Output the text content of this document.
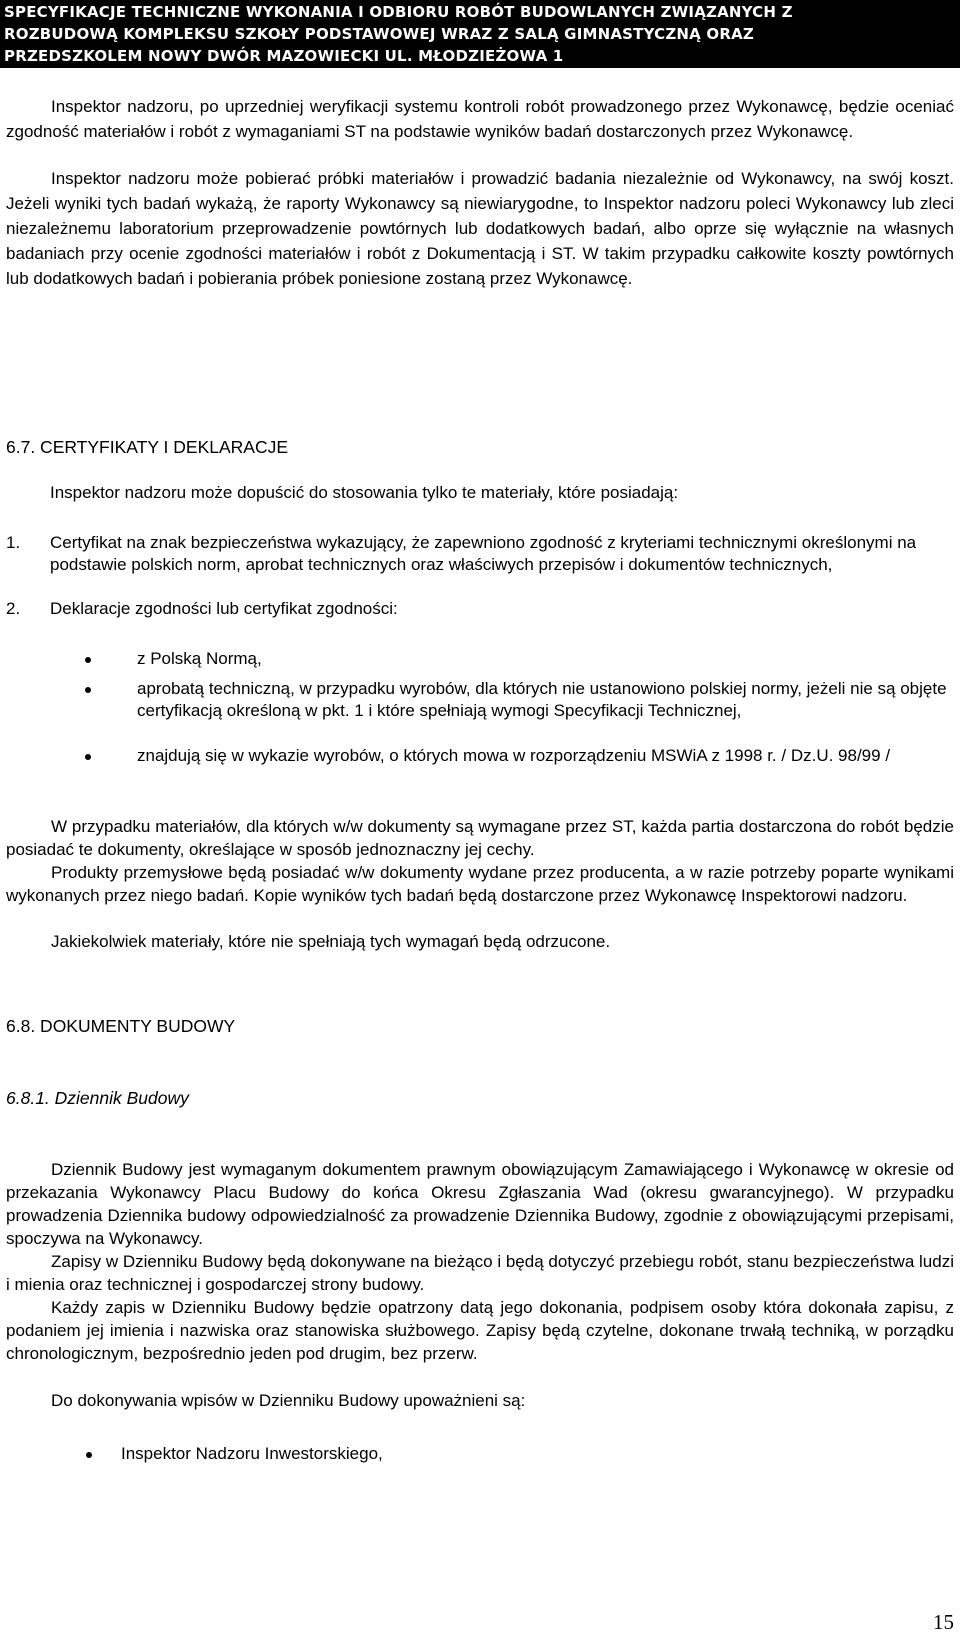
SPECYFIKACJE TECHNICZNE WYKONANIA I ODBIORU ROBÓT BUDOWLANYCH ZWIĄZANYCH Z
ROZBUDOWĄ KOMPLEKSU SZKOŁY PODSTAWOWEJ WRAZ Z SALĄ GIMNASTYCZNĄ ORAZ
PRZEDSZKOLEM NOWY DWÓR MAZOWIECKI UL. MŁODZIEŻOWA 1
Inspektor nadzoru, po uprzedniej weryfikacji systemu kontroli robót prowadzonego przez Wykonawcę, będzie oceniać zgodność materiałów i robót z wymaganiami ST na podstawie wyników badań dostarczonych przez Wykonawcę.
Inspektor nadzoru może pobierać próbki materiałów i prowadzić badania niezależnie od Wykonawcy, na swój koszt. Jeżeli wyniki tych badań wykażą, że raporty Wykonawcy są niewiarygodne, to Inspektor nadzoru poleci Wykonawcy lub zleci niezależnemu laboratorium przeprowadzenie powtórnych lub dodatkowych badań, albo oprze się wyłącznie na własnych badaniach przy ocenie zgodności materiałów i robót z Dokumentacją i ST. W takim przypadku całkowite koszty powtórnych lub dodatkowych badań i pobierania próbek poniesione zostaną przez Wykonawcę.
6.7. CERTYFIKATY I DEKLARACJE
Inspektor nadzoru może dopuścić do stosowania tylko te materiały, które posiadają:
1. Certyfikat na znak bezpieczeństwa wykazujący, że zapewniono zgodność z kryteriami technicznymi określonymi na podstawie polskich norm, aprobat technicznych oraz właściwych przepisów i dokumentów technicznych,
2. Deklaracje zgodności lub certyfikat zgodności:
z Polską Normą,
aprobatą techniczną, w przypadku wyrobów, dla których nie ustanowiono polskiej normy, jeżeli nie są objęte certyfikacją określoną w pkt. 1 i które spełniają wymogi Specyfikacji Technicznej,
znajdują się w wykazie wyrobów, o których mowa w rozporządzeniu MSWiA z 1998 r. / Dz.U. 98/99 /
W przypadku materiałów, dla których w/w dokumenty są wymagane przez ST, każda partia dostarczona do robót będzie posiadać te dokumenty, określające w sposób jednoznaczny jej cechy.
Produkty przemysłowe będą posiadać w/w dokumenty wydane przez producenta, a w razie potrzeby poparte wynikami wykonanych przez niego badań. Kopie wyników tych badań będą dostarczone przez Wykonawcę Inspektorowi nadzoru.
Jakiekolwiek materiały, które nie spełniają tych wymagań będą odrzucone.
6.8. DOKUMENTY BUDOWY
6.8.1. Dziennik Budowy
Dziennik Budowy jest wymaganym dokumentem prawnym obowiązującym Zamawiającego i Wykonawcę w okresie od przekazania Wykonawcy Placu Budowy do końca Okresu Zgłaszania Wad (okresu gwarancyjnego). W przypadku prowadzenia Dziennika budowy odpowiedzialność za prowadzenie Dziennika Budowy, zgodnie z obowiązującymi przepisami, spoczywa na Wykonawcy.
Zapisy w Dzienniku Budowy będą dokonywane na bieżąco i będą dotyczyć przebiegu robót, stanu bezpieczeństwa ludzi i mienia oraz technicznej i gospodarczej strony budowy.
Każdy zapis w Dzienniku Budowy będzie opatrzony datą jego dokonania, podpisem osoby która dokonała zapisu, z podaniem jej imienia i nazwiska oraz stanowiska służbowego. Zapisy będą czytelne, dokonane trwałą techniką, w porządku chronologicznym, bezpośrednio jeden pod drugim, bez przerw.
Do dokonywania wpisów w Dzienniku Budowy upoważnieni są:
Inspektor Nadzoru Inwestorskiego,
15
